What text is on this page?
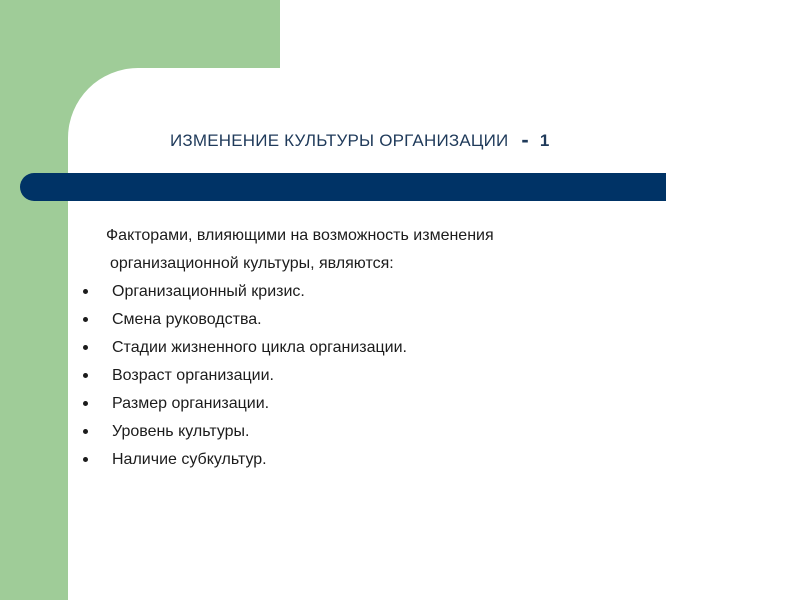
ИЗМЕНЕНИЕ КУЛЬТУРЫ ОРГАНИЗАЦИИ - 1
Факторами, влияющими на возможность изменения
организационной культуры, являются:
Организационный кризис.
Смена руководства.
Стадии жизненного цикла организации.
Возраст организации.
Размер организации.
Уровень культуры.
Наличие субкультур.
